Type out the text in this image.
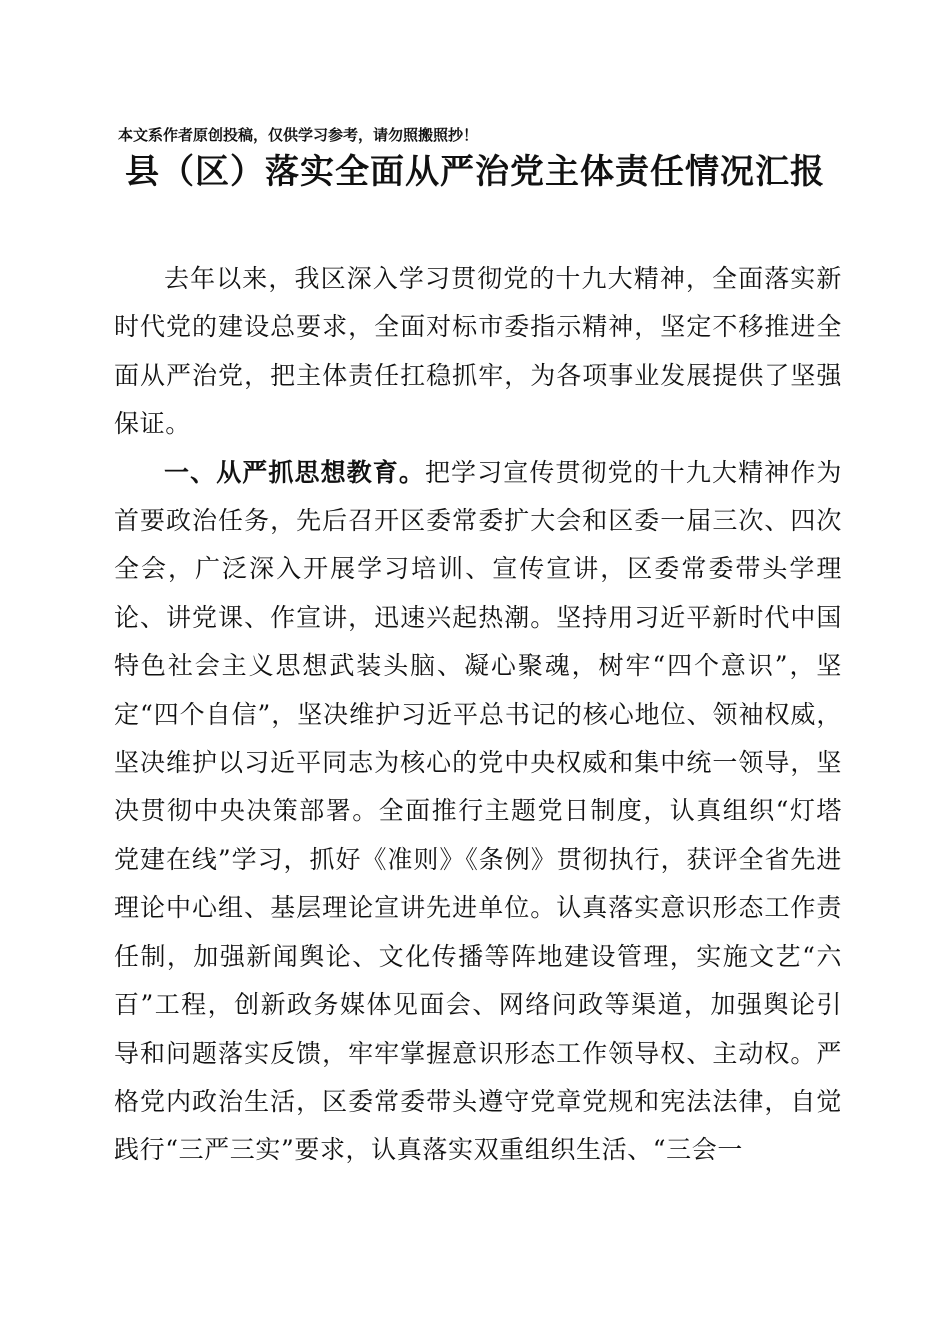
本文系作者原创投稿，仅供学习参考，请勿照搬照抄！
县（区）落实全面从严治党主体责任情况汇报

去年以来，我区深入学习贯彻党的十九大精神，全面落实新时代党的建设总要求，全面对标市委指示精神，坚定不移推进全面从严治党，把主体责任扛稳抓牢，为各项事业发展提供了坚强保证。

一、从严抓思想教育。把学习宣传贯彻党的十九大精神作为首要政治任务，先后召开区委常委扩大会和区委一届三次、四次全会，广泛深入开展学习培训、宣传宣讲，区委常委带头学理论、讲党课、作宣讲，迅速兴起热潮。坚持用习近平新时代中国特色社会主义思想武装头脑、凝心聚魂，树牢“四个意识”，坚定“四个自信”，坚决维护习近平总书记的核心地位、领袖权威，坚决维护以习近平同志为核心的党中央权威和集中统一领导，坚决贯彻中央决策部署。全面推行主题党日制度，认真组织“灯塔党建在线”学习，抓好《准则》《条例》贯彻执行，获评全省先进理论中心组、基层理论宣讲先进单位。认真落实意识形态工作责任制，加强新闻舆论、文化传播等阵地建设管理，实施文艺“六百”工程，创新政务媒体见面会、网络问政等渠道，加强舆论引导和问题落实反馈，牢牢掌握意识形态工作领导权、主动权。严格党内政治生活，区委常委带头遵守党章党规和宪法法律，自觉践行“三严三实”要求，认真落实双重组织生活、“三会一
